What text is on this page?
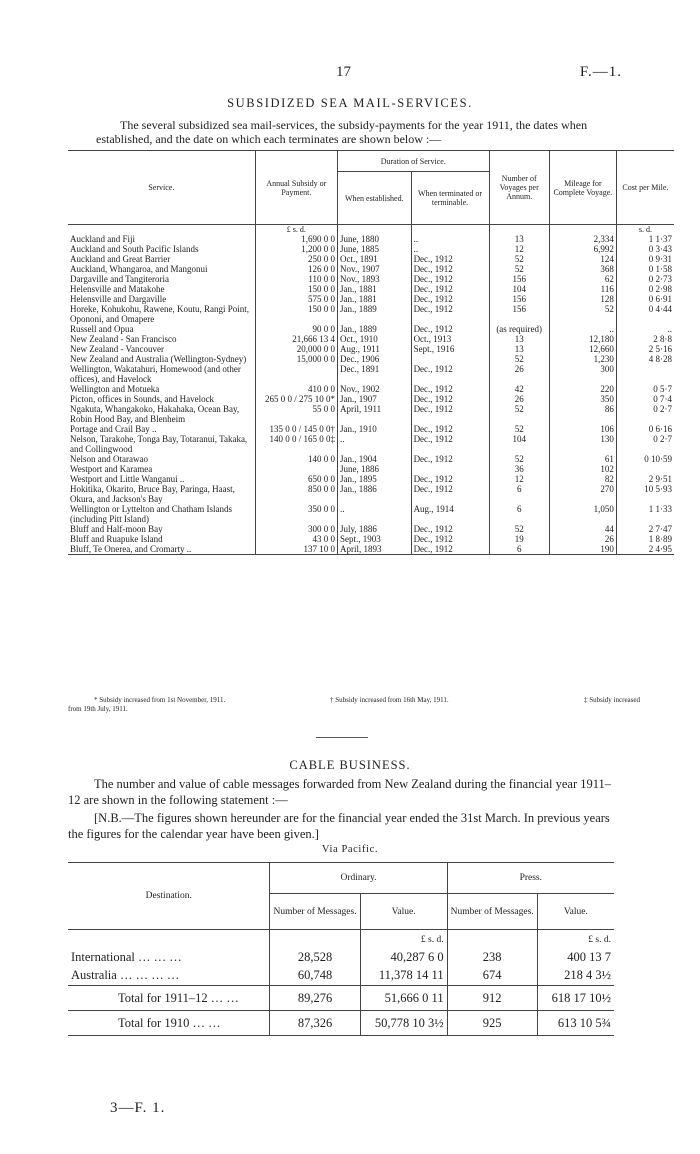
17	F.—1.
SUBSIDIZED SEA MAIL-SERVICES.
The several subsidized sea mail-services, the subsidy-payments for the year 1911, the dates when established, and the date on which each terminates are shown below :—
Service.	Annual Subsidy or Payment.	Duration of Service.		Number of Voyages per Annum.	Mileage for Complete Voyage.	Cost per Mile.
		When established.	When terminated or terminable.			
	£ s. d.					s. d.
Auckland and Fiji	1,690 0 0	June, 1880	..	13	2,334	1 1·37
Auckland and South Pacific Islands	1,200 0 0	June, 1885	..	12	6,992	0 3·43
Auckland and Great Barrier	250 0 0	Oct., 1891	Dec., 1912	52	124	0 9·31
Auckland, Whangaroa, and Mangonui	126 0 0	Nov., 1907	Dec., 1912	52	368	0 1·58
Dargaville and Tangiteroria	110 0 0	Nov., 1893	Dec., 1912	156	62	0 2·73
Helensville and Matakohe	150 0 0	Jan., 1881	Dec., 1912	104	116	0 2·98
Helensville and Dargaville	575 0 0	Jan., 1881	Dec., 1912	156	128	0 6·91
Horeke, Kohukohu, Rawene, Koutu, Rangi Point, Opononi, and Omapere	150 0 0	Jan., 1889	Dec., 1912	156	52	0 4·44
Russell and Opua	90 0 0	Jan., 1889	Dec., 1912	(as required)	..	..
New Zealand - San Francisco	21,666 13 4	Oct., 1910	Oct., 1913	13	12,180	2 8·8
New Zealand - Vancouver	20,000 0 0	Aug., 1911	Sept., 1916	13	12,660	2 5·16
New Zealand and Australia (Wellington-Sydney)	15,000 0 0	Dec., 1906		52	1,230	4 8·28
Wellington, Wakatahuri, Homewood (and other offices), and Havelock		Dec., 1891	Dec., 1912	26	300	
Wellington and Motueka	410 0 0	Nov., 1902	Dec., 1912	42	220	0 5·7
Picton, offices in Sounds, and Havelock	265 0 0 / 275 10 0*	Jan., 1907	Dec., 1912	26	350	0 7·4
Ngakuta, Whangakoko, Hakahaka, Ocean Bay, Robin Hood Bay, and Blenheim	55 0 0	April, 1911	Dec., 1912	52	86	0 2·7
Portage and Crail Bay ..	135 0 0 / 145 0 0†	Jan., 1910	Dec., 1912	52	106	0 6·16
Nelson, Tarakohe, Tonga Bay, Totaranui, Takaka, and Collingwood	140 0 0 / 165 0 0‡	..	Dec., 1912	104	130	0 2·7
Nelson and Otarawao	140 0 0	Jan., 1904	Dec., 1912	52	61	0 10·59
Westport and Karamea		June, 1886		36	102	
Westport and Little Wanganui ..	650 0 0	Jan., 1895	Dec., 1912	12	82	2 9·51
Hokitika, Okarito, Bruce Bay, Paringa, Haast, Okura, and Jackson's Bay	850 0 0	Jan., 1886	Dec., 1912	6	270	10 5·93
Wellington or Lyttelton and Chatham Islands (including Pitt Island)	350 0 0	..	Aug., 1914	6	1,050	1 1·33
Bluff and Half-moon Bay	300 0 0	July, 1886	Dec., 1912	52	44	2 7·47
Bluff and Ruapuke Island	43 0 0	Sept., 1903	Dec., 1912	19	26	1 8·89
Bluff, Te Onerea, and Cromarty ..	137 10 0	April, 1893	Dec., 1912	6	190	2 4·95
* Subsidy increased from 1st November, 1911.	† Subsidy increased from 16th May, 1911.	‡ Subsidy increased
from 19th July, 1911.
CABLE BUSINESS.
The number and value of cable messages forwarded from New Zealand during the financial year 1911–12 are shown in the following statement :—
[N.B.—The figures shown hereunder are for the financial year ended the 31st March. In previous years the figures for the calendar year have been given.]
Via Pacific.
Destination.	Ordinary.		Press.	
	Number of Messages.	Value.	Number of Messages.	Value.
		£ s. d.		£ s. d.
International … … …	28,528	40,287 6 0	238	400 13 7
Australia … … … …	60,748	11,378 14 11	674	218 4 3½
Total for 1911–12 … …	89,276	51,666 0 11	912	618 17 10½
Total for 1910 … …	87,326	50,778 10 3½	925	613 10 5¾
3—F. 1.
